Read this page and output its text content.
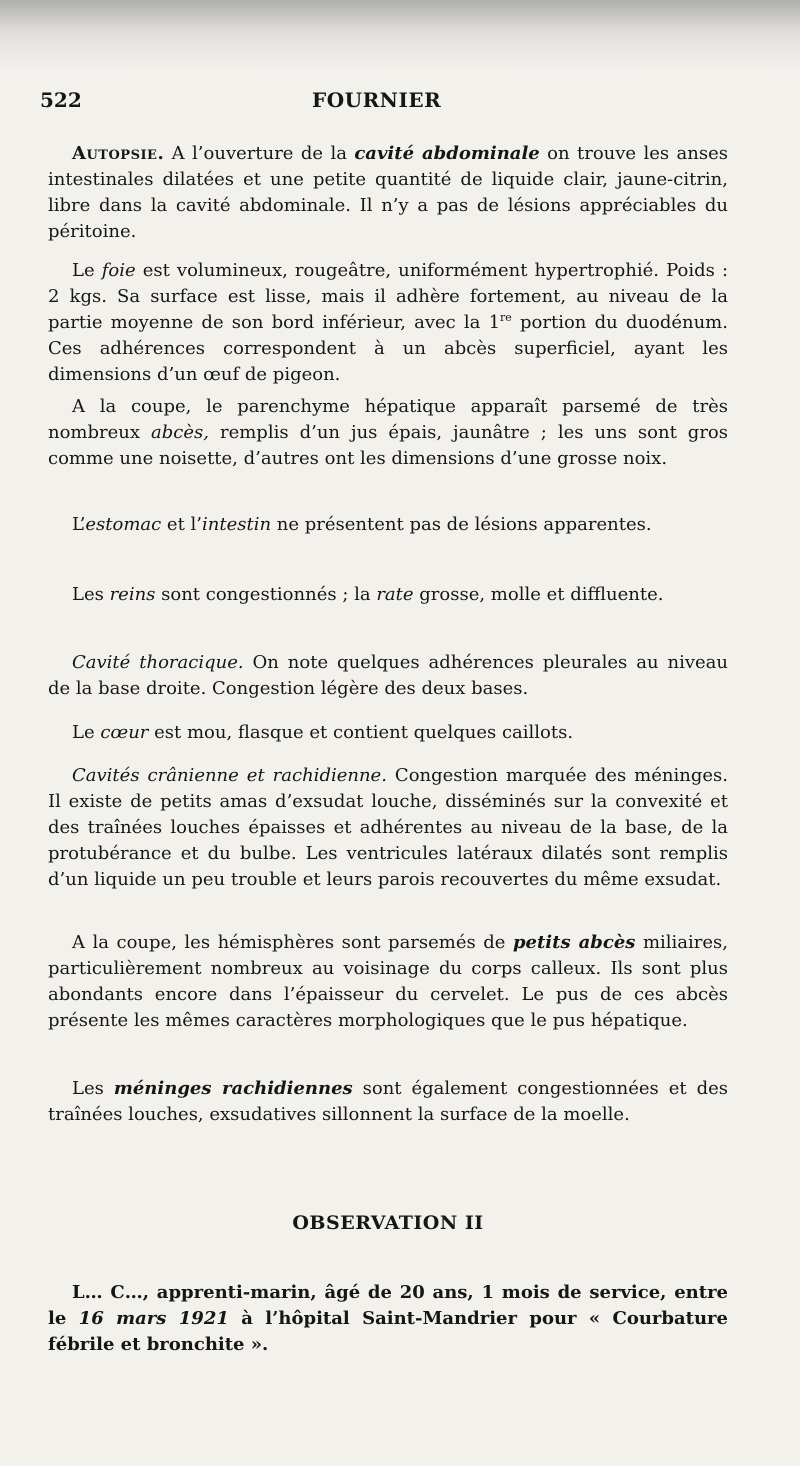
522	FOURNIER

Autopsie. A l’ouverture de la cavité abdominale on trouve les anses intestinales dilatées et une petite quantité de liquide clair, jaune-citrin, libre dans la cavité abdominale. Il n’y a pas de lésions appréciables du péritoine.

Le foie est volumineux, rougeâtre, uniformément hypertrophié. Poids : 2 kgs. Sa surface est lisse, mais il adhère fortement, au niveau de la partie moyenne de son bord inférieur, avec la 1re portion du duodénum. Ces adhérences correspondent à un abcès superficiel, ayant les dimensions d’un œuf de pigeon.

A la coupe, le parenchyme hépatique apparaît parsemé de très nombreux abcès, remplis d’un jus épais, jaunâtre ; les uns sont gros comme une noisette, d’autres ont les dimensions d’une grosse noix.

L’estomac et l’intestin ne présentent pas de lésions apparentes.

Les reins sont congestionnés ; la rate grosse, molle et diffluente.

Cavité thoracique. On note quelques adhérences pleurales au niveau de la base droite. Congestion légère des deux bases.

Le cœur est mou, flasque et contient quelques caillots.

Cavités crânienne et rachidienne. Congestion marquée des méninges. Il existe de petits amas d’exsudat louche, disséminés sur la convexité et des traînées louches épaisses et adhérentes au niveau de la base, de la protubérance et du bulbe. Les ventricules latéraux dilatés sont remplis d’un liquide un peu trouble et leurs parois recouvertes du même exsudat.

A la coupe, les hémisphères sont parsemés de petits abcès miliaires, particulièrement nombreux au voisinage du corps calleux. Ils sont plus abondants encore dans l’épaisseur du cervelet. Le pus de ces abcès présente les mêmes caractères morphologiques que le pus hépatique.

Les méninges rachidiennes sont également congestionnées et des traînées louches, exsudatives sillonnent la surface de la moelle.

OBSERVATION II

L… C…, apprenti-marin, âgé de 20 ans, 1 mois de service, entre le 16 mars 1921 à l’hôpital Saint-Mandrier pour « Courbature fébrile et bronchite ».
